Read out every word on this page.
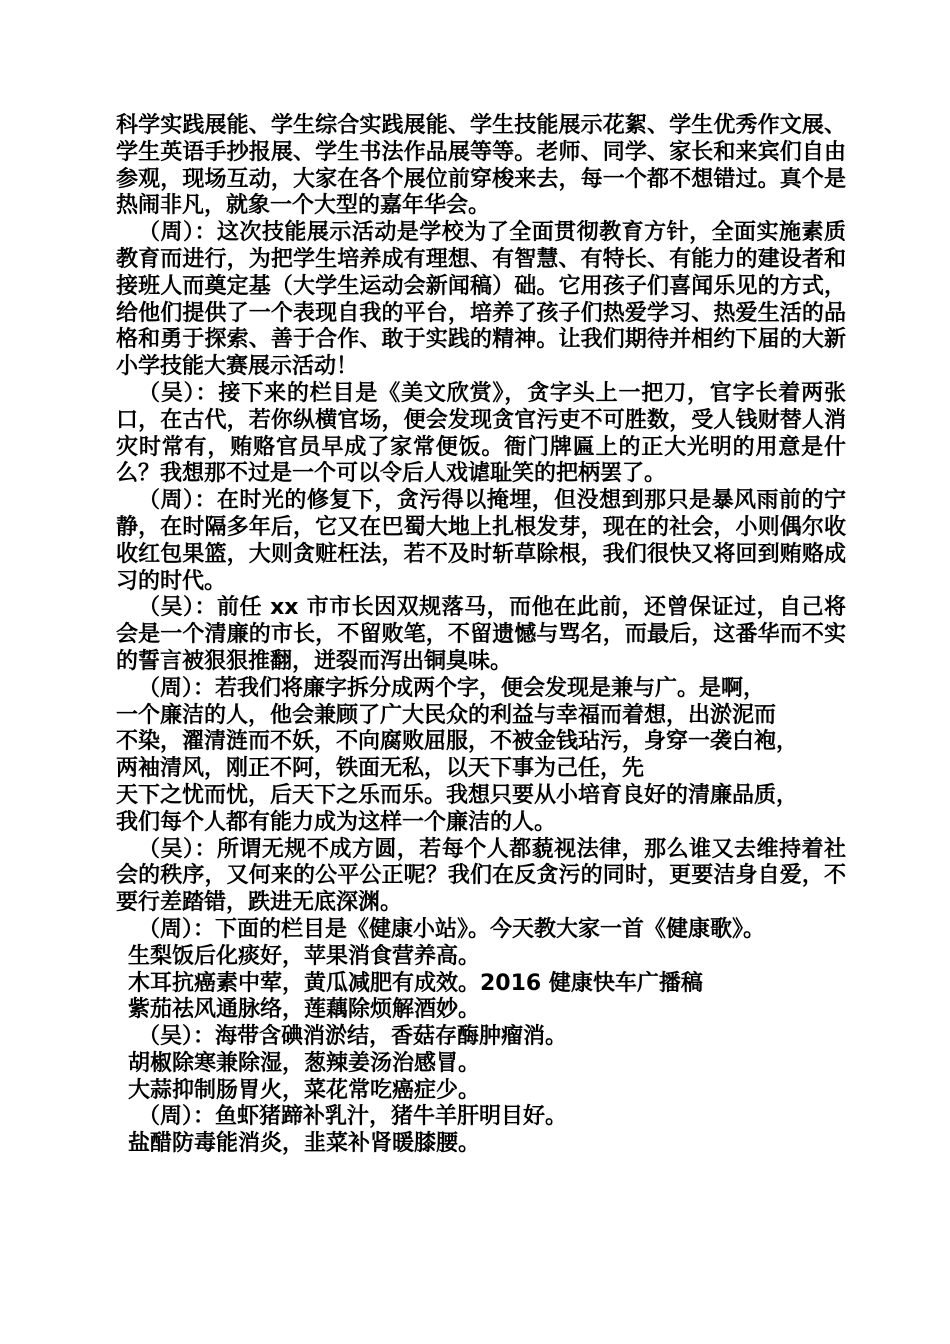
科学实践展能、学生综合实践展能、学生技能展示花絮、学生优秀作文展、学生英语手抄报展、学生书法作品展等等。老师、同学、家长和来宾们自由参观，现场互动，大家在各个展位前穿梭来去，每一个都不想错过。真个是热闹非凡，就象一个大型的嘉年华会。

（周）：这次技能展示活动是学校为了全面贯彻教育方针，全面实施素质教育而进行，为把学生培养成有理想、有智慧、有特长、有能力的建设者和接班人而奠定基（大学生运动会新闻稿）础。它用孩子们喜闻乐见的方式，给他们提供了一个表现自我的平台，培养了孩子们热爱学习、热爱生活的品格和勇于探索、善于合作、敢于实践的精神。让我们期待并相约下届的大新小学技能大赛展示活动！

（吴）：接下来的栏目是《美文欣赏》，贪字头上一把刀，官字长着两张口，在古代，若你纵横官场，便会发现贪官污吏不可胜数，受人钱财替人消灾时常有，贿赂官员早成了家常便饭。衙门牌匾上的正大光明的用意是什么？我想那不过是一个可以令后人戏谑耻笑的把柄罢了。

（周）：在时光的修复下，贪污得以掩埋，但没想到那只是暴风雨前的宁静，在时隔多年后，它又在巴蜀大地上扎根发芽，现在的社会，小则偶尔收收红包果篮，大则贪赃枉法，若不及时斩草除根，我们很快又将回到贿赂成习的时代。

（吴）：前任 xx 市市长因双规落马，而他在此前，还曾保证过，自己将会是一个清廉的市长，不留败笔，不留遗憾与骂名，而最后，这番华而不实的誓言被狠狠推翻，迸裂而泻出铜臭味。

（周）：若我们将廉字拆分成两个字，便会发现是兼与广。是啊，

一个廉洁的人，他会兼顾了广大民众的利益与幸福而着想，出淤泥而

不染，濯清涟而不妖，不向腐败屈服，不被金钱玷污，身穿一袭白袍，

两袖清风，刚正不阿，铁面无私，以天下事为己任，先

天下之忧而忧，后天下之乐而乐。我想只要从小培育良好的清廉品质，

我们每个人都有能力成为这样一个廉洁的人。

（吴）：所谓无规不成方圆，若每个人都藐视法律，那么谁又去维持着社会的秩序，又何来的公平公正呢？我们在反贪污的同时，更要洁身自爱，不要行差踏错，跌进无底深渊。

（周）：下面的栏目是《健康小站》。今天教大家一首《健康歌》。

生梨饭后化痰好，苹果消食营养高。

木耳抗癌素中荤，黄瓜减肥有成效。2016 健康快车广播稿

紫茄祛风通脉络，莲藕除烦解酒妙。

（吴）：海带含碘消淤结，香菇存酶肿瘤消。

胡椒除寒兼除湿，葱辣姜汤治感冒。

大蒜抑制肠胃火，菜花常吃癌症少。

（周）：鱼虾猪蹄补乳汁，猪牛羊肝明目好。

盐醋防毒能消炎，韭菜补肾暖膝腰。
